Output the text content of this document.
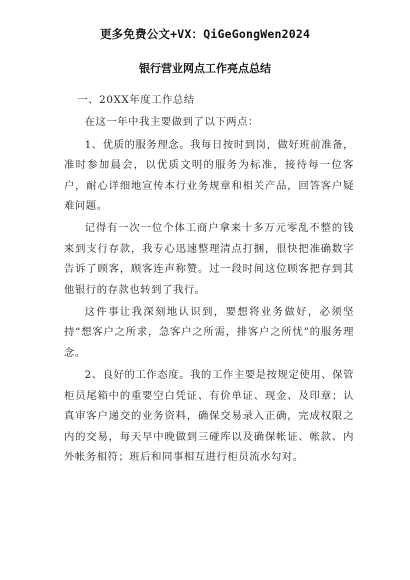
更多免费公文+VX：QiGeGongWen2024
银行营业网点工作亮点总结

一、20XX年度工作总结

在这一年中我主要做到了以下两点：

1、优质的服务理念。我每日按时到岗，做好班前准备，准时参加晨会，以优质文明的服务为标准，接待每一位客户，耐心详细地宣传本行业务规章和相关产品，回答客户疑难问题。

记得有一次一位个体工商户拿来十多万元零乱不整的钱来到支行存款，我专心迅速整理清点打捆，很快把准确数字告诉了顾客，顾客连声称赞。过一段时间这位顾客把存到其他银行的存款也转到了我行。

这件事让我深刻地认识到，要想将业务做好，必须坚持“想客户之所求，急客户之所需，排客户之所忧”的服务理念。

2、良好的工作态度。我的工作主要是按规定使用、保管柜员尾箱中的重要空白凭证、有价单证、现金、及印章；认真审客户递交的业务资料，确保交易录入正确，完成权限之内的交易，每天早中晚做到三碰库以及确保帐证、帐款、内外帐务相符；班后和同事相互进行柜员流水勾对。
